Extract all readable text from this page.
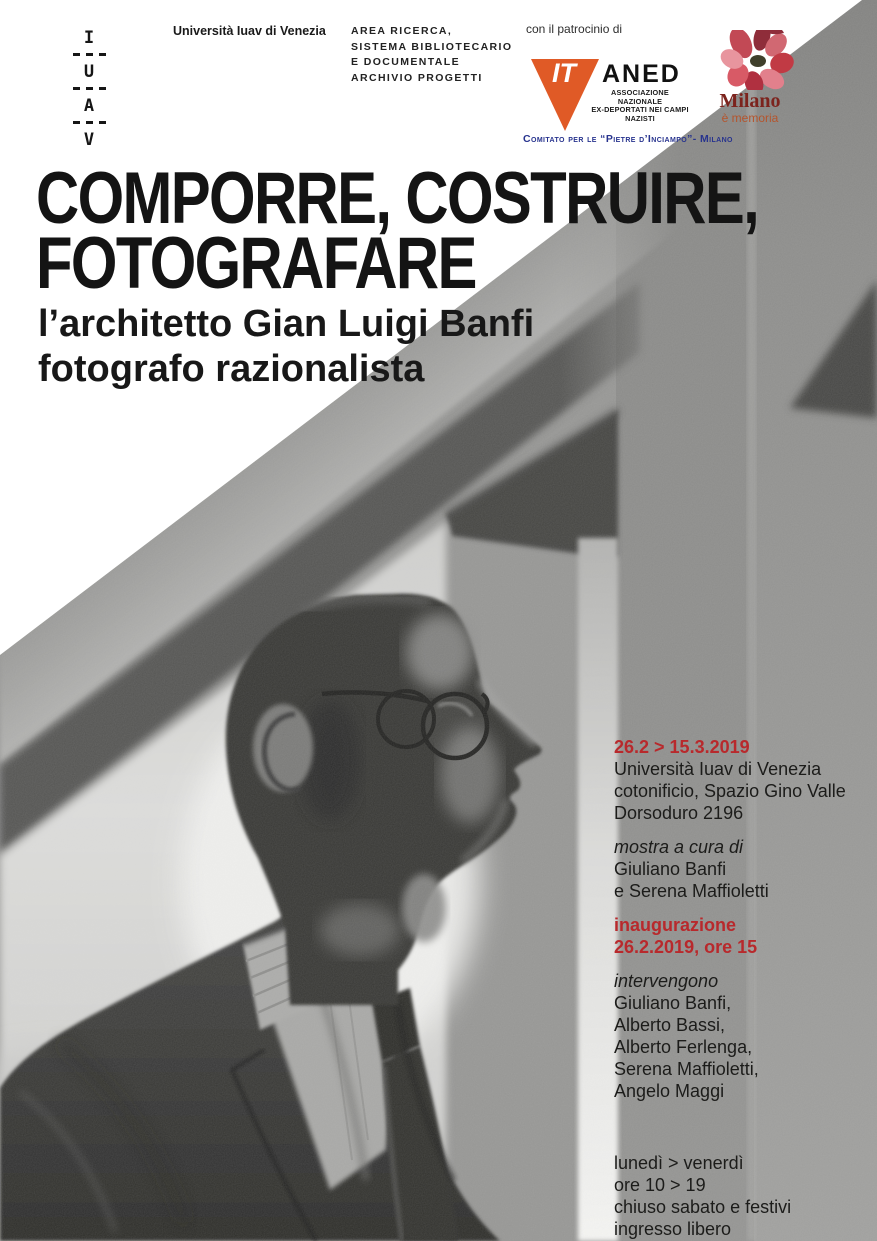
I
U
A
V
Università Iuav di Venezia AREA RICERCA,
SISTEMA BIBLIOTECARIO
E DOCUMENTALE
ARCHIVIO PROGETTI
con il patrocinio di
IT	ANED
ASSOCIAZIONE NAZIONALE
EX-DEPORTATI NEI CAMPI NAZISTI
Comitato per le “Pietre d’Inciampo”- Milano
Milano
è memoria
COMPORRE, COSTRUIRE,
FOTOGRAFARE
l’architetto Gian Luigi Banfi
fotografo razionalista
26.2 > 15.3.2019
Università Iuav di Venezia
cotonificio, Spazio Gino Valle
Dorsoduro 2196
mostra a cura di
Giuliano Banfi
e Serena Maffioletti
inaugurazione
26.2.2019, ore 15
intervengono
Giuliano Banfi,
Alberto Bassi,
Alberto Ferlenga,
Serena Maffioletti,
Angelo Maggi
lunedì > venerdì
ore 10 > 19
chiuso sabato e festivi
ingresso libero
